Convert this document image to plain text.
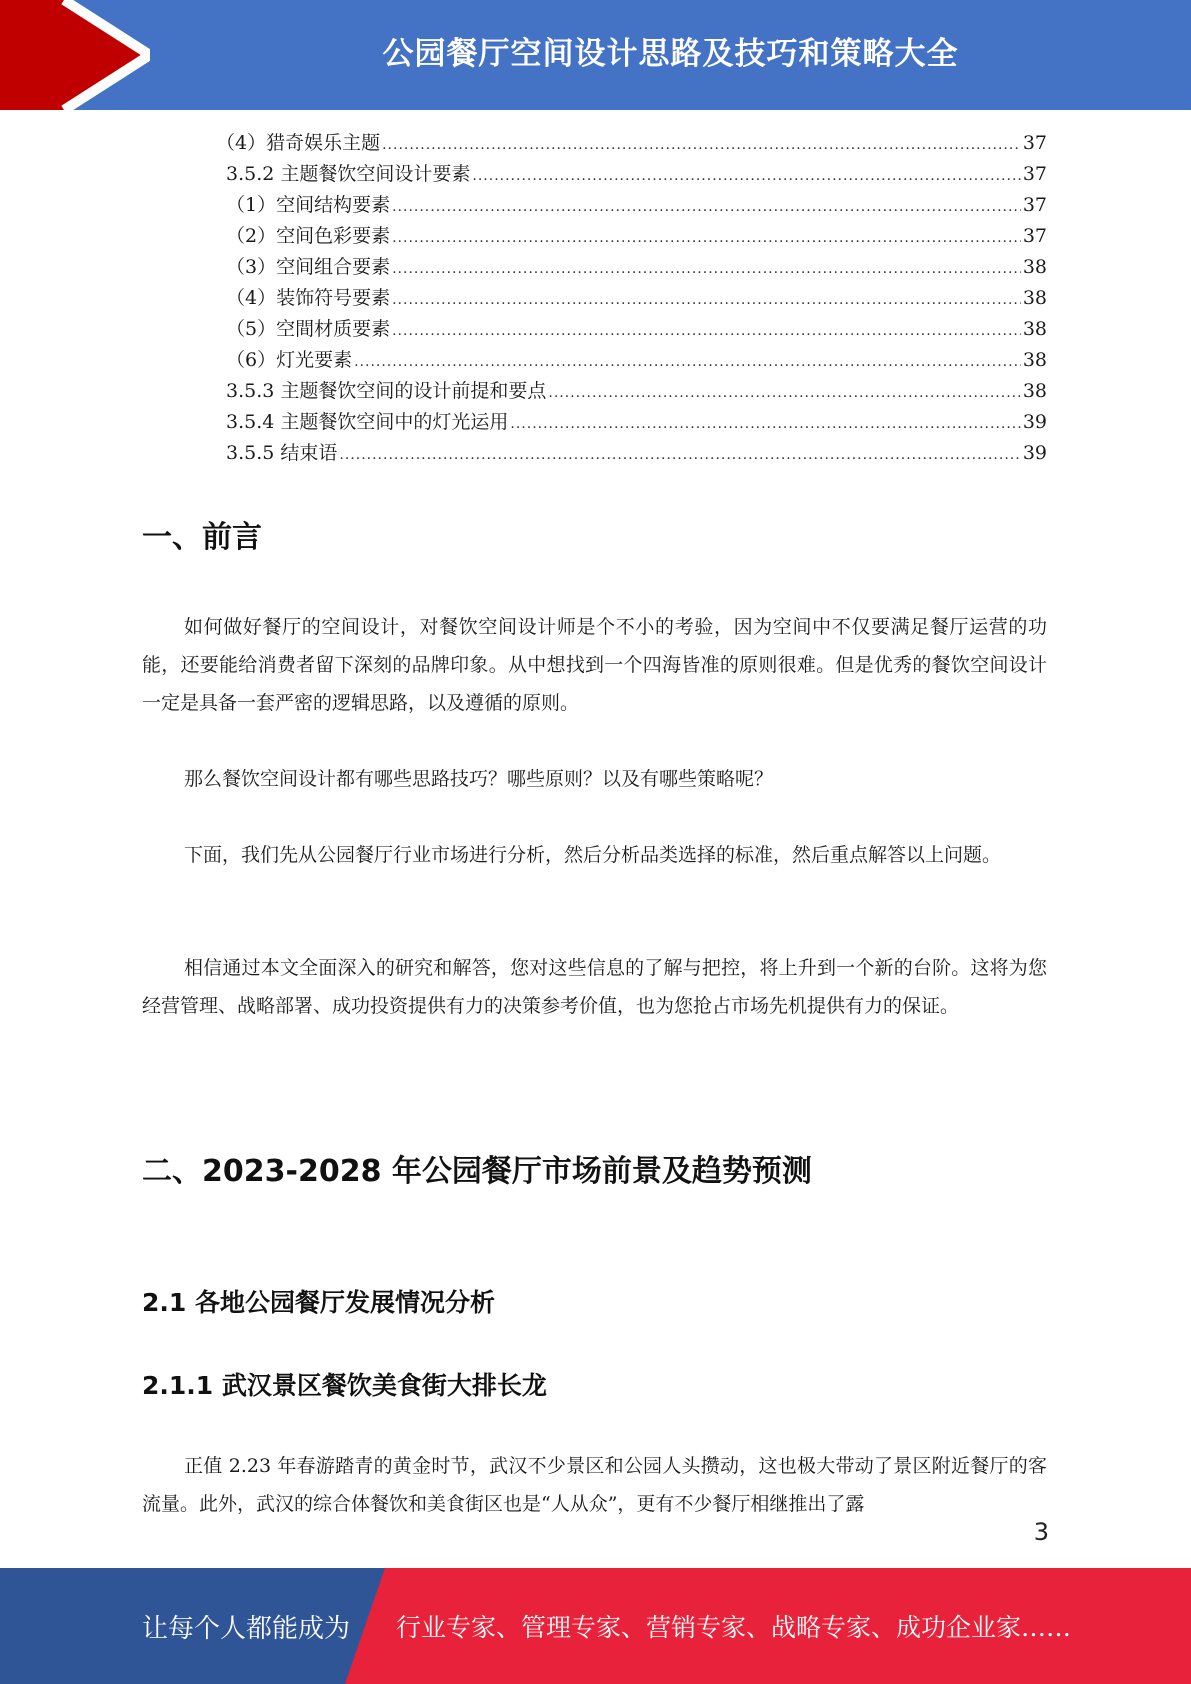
公园餐厅空间设计思路及技巧和策略大全
（4）猎奇娱乐主题 .....	37
3.5.2 主题餐饮空间设计要素 .....	37
（1）空间结构要素 .....	37
（2）空间色彩要素 .....	37
（3）空间组合要素 .....	38
（4）装饰符号要素 .....	38
（5）空間材质要素 .....	38
（6）灯光要素 .....	38
3.5.3 主题餐饮空间的设计前提和要点 .....	38
3.5.4 主题餐饮空间中的灯光运用 .....	39
3.5.5 结束语 .....	39
一、前言
如何做好餐厅的空间设计，对餐饮空间设计师是个不小的考验，因为空间中不仅要满足餐厅运营的功能，还要能给消费者留下深刻的品牌印象。从中想找到一个四海皆准的原则很难。但是优秀的餐饮空间设计一定是具备一套严密的逻辑思路，以及遵循的原则。
那么餐饮空间设计都有哪些思路技巧？哪些原则？以及有哪些策略呢？
下面，我们先从公园餐厅行业市场进行分析，然后分析品类选择的标准，然后重点解答以上问题。
相信通过本文全面深入的研究和解答，您对这些信息的了解与把控，将上升到一个新的台阶。这将为您经营管理、战略部署、成功投资提供有力的决策参考价值，也为您抢占市场先机提供有力的保证。
二、2023-2028 年公园餐厅市场前景及趋势预测
2.1 各地公园餐厅发展情况分析
2.1.1 武汉景区餐饮美食街大排长龙
正值 2.23 年春游踏青的黄金时节，武汉不少景区和公园人头攒动，这也极大带动了景区附近餐厅的客流量。此外，武汉的综合体餐饮和美食街区也是“人从众”，更有不少餐厅相继推出了露
3
让每个人都能成为 行业专家、管理专家、营销专家、战略专家、成功企业家……
